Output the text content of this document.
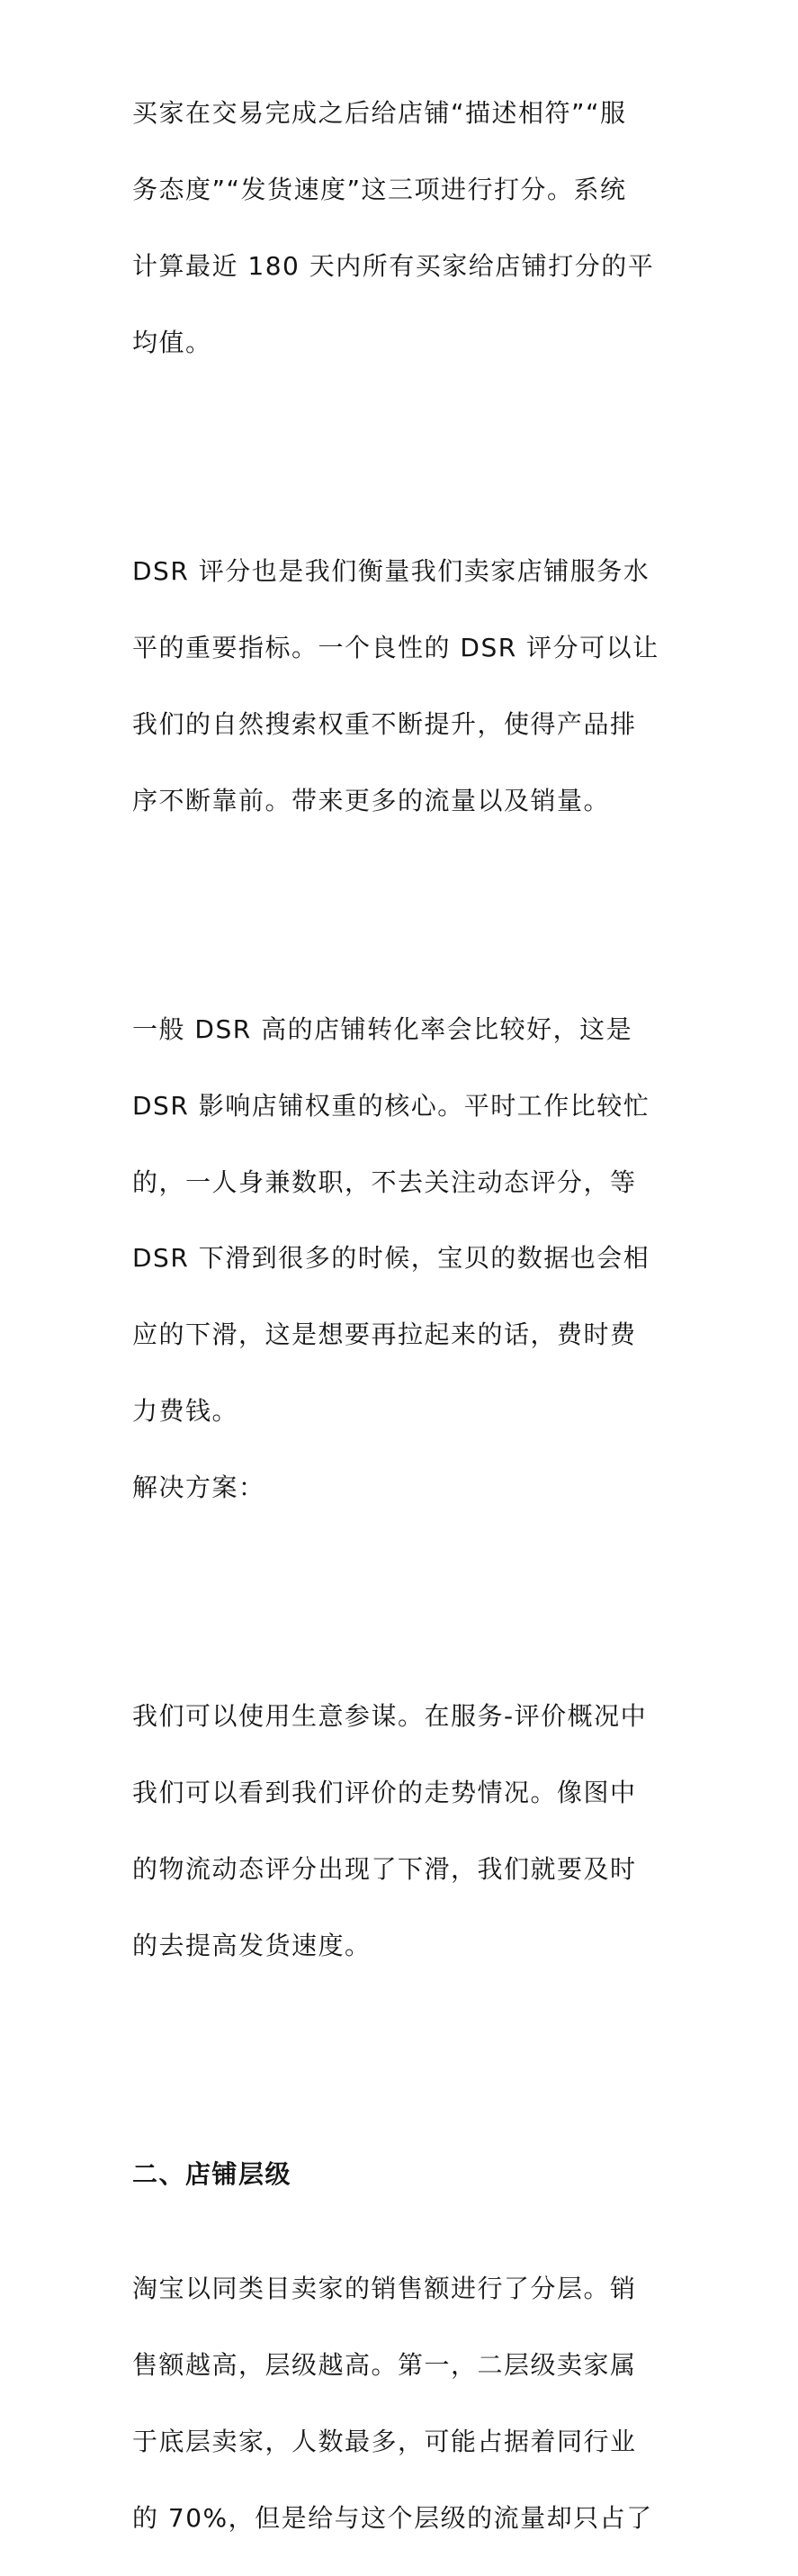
买家在交易完成之后给店铺“描述相符”“服

务态度”“发货速度”这三项进行打分。系统

计算最近 180 天内所有买家给店铺打分的平

均值。

DSR 评分也是我们衡量我们卖家店铺服务水

平的重要指标。一个良性的 DSR 评分可以让

我们的自然搜索权重不断提升，使得产品排

序不断靠前。带来更多的流量以及销量。

一般 DSR 高的店铺转化率会比较好，这是

DSR 影响店铺权重的核心。平时工作比较忙

的，一人身兼数职，不去关注动态评分，等

DSR 下滑到很多的时候，宝贝的数据也会相

应的下滑，这是想要再拉起来的话，费时费

力费钱。

解决方案：

我们可以使用生意参谋。在服务-评价概况中

我们可以看到我们评价的走势情况。像图中

的物流动态评分出现了下滑，我们就要及时

的去提高发货速度。

二、店铺层级

淘宝以同类目卖家的销售额进行了分层。销

售额越高，层级越高。第一，二层级卖家属

于底层卖家，人数最多，可能占据着同行业

的 70%，但是给与这个层级的流量却只占了
